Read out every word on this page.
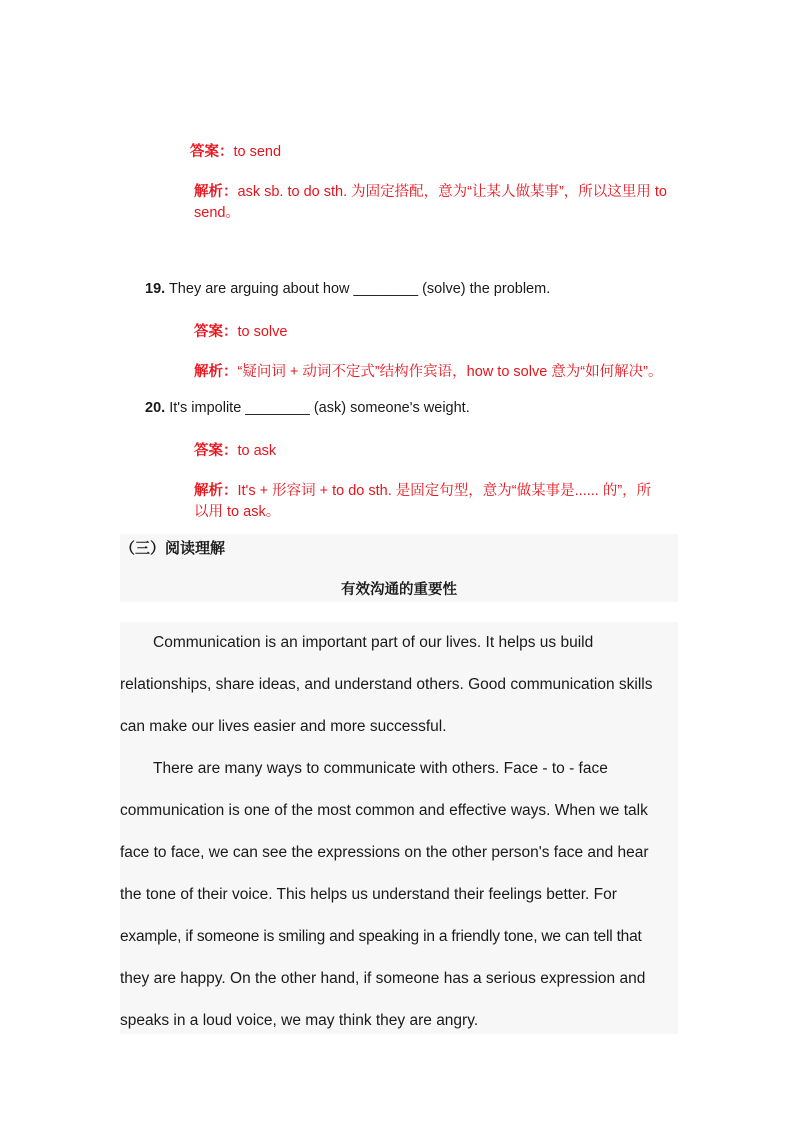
答案：to send
解析：ask sb. to do sth. 为固定搭配，意为“让某人做某事”，所以这里用 to
send。
19. They are arguing about how ________ (solve) the problem.
答案：to solve
解析：“疑问词 + 动词不定式”结构作宾语，how to solve 意为“如何解决”。
20. It's impolite ________ (ask) someone's weight.
答案：to ask
解析：It's + 形容词 + to do sth. 是固定句型，意为“做某事是...... 的”，所
以用 to ask。
（三）阅读理解
有效沟通的重要性
Communication is an important part of our lives. It helps us build
relationships, share ideas, and understand others. Good communication skills
can make our lives easier and more successful.
There are many ways to communicate with others. Face - to - face
communication is one of the most common and effective ways. When we talk
face to face, we can see the expressions on the other person's face and hear
the tone of their voice. This helps us understand their feelings better. For
example, if someone is smiling and speaking in a friendly tone, we can tell that
they are happy. On the other hand, if someone has a serious expression and
speaks in a loud voice, we may think they are angry.
